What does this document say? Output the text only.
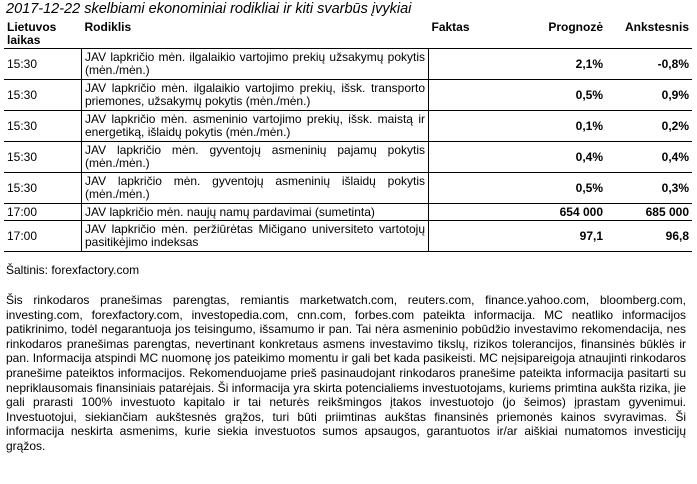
2017-12-22 skelbiami ekonominiai rodikliai ir kiti svarbūs įvykiai
Lietuvos laikas	Rodiklis	Faktas	Prognozė	Ankstesnis
15:30	JAV lapkričio mėn. ilgalaikio vartojimo prekių užsakymų pokytis (mėn./mėn.)		2,1%	-0,8%
15:30	JAV lapkričio mėn. ilgalaikio vartojimo prekių, išsk. transporto priemones, užsakymų pokytis (mėn./mėn.)		0,5%	0,9%
15:30	JAV lapkričio mėn. asmeninio vartojimo prekių, išsk. maistą ir energetiką, išlaidų pokytis (mėn./mėn.)		0,1%	0,2%
15:30	JAV lapkričio mėn. gyventojų asmeninių pajamų pokytis (mėn./mėn.)		0,4%	0,4%
15:30	JAV lapkričio mėn. gyventojų asmeninių išlaidų pokytis (mėn./mėn.)		0,5%	0,3%
17:00	JAV lapkričio mėn. naujų namų pardavimai (sumetinta)		654 000	685 000
17:00	JAV lapkričio mėn. peržiūrėtas Mičigano universiteto vartotojų pasitikėjimo indeksas		97,1	96,8
Šaltinis: forexfactory.com

Šis rinkodaros pranešimas parengtas, remiantis marketwatch.com, reuters.com, finance.yahoo.com, bloomberg.com, investing.com, forexfactory.com, investopedia.com, cnn.com, forbes.com pateikta informacija. MC neatliko informacijos patikrinimo, todėl negarantuoja jos teisingumo, išsamumo ir pan. Tai nėra asmeninio pobūdžio investavimo rekomendacija, nes rinkodaros pranešimas parengtas, nevertinant konkretaus asmens investavimo tikslų, rizikos tolerancijos, finansinės būklės ir pan. Informacija atspindi MC nuomonę jos pateikimo momentu ir gali bet kada pasikeisti. MC neįsipareigoja atnaujinti rinkodaros pranešime pateiktos informacijos. Rekomenduojame prieš pasinaudojant rinkodaros pranešime pateikta informacija pasitarti su nepriklausomais finansiniais patarėjais. Ši informacija yra skirta potencialiems investuotojams, kuriems primtina aukšta rizika, jie gali prarasti 100% investuoto kapitalo ir tai neturės reikšmingos įtakos investuotojo (jo šeimos) įprastam gyvenimui. Investuotojui, siekiančiam aukštesnės grąžos, turi būti priimtinas aukštas finansinės priemonės kainos svyravimas. Ši informacija neskirta asmenims, kurie siekia investuotos sumos apsaugos, garantuotos ir/ar aiškiai numatomos investicijų grąžos.
